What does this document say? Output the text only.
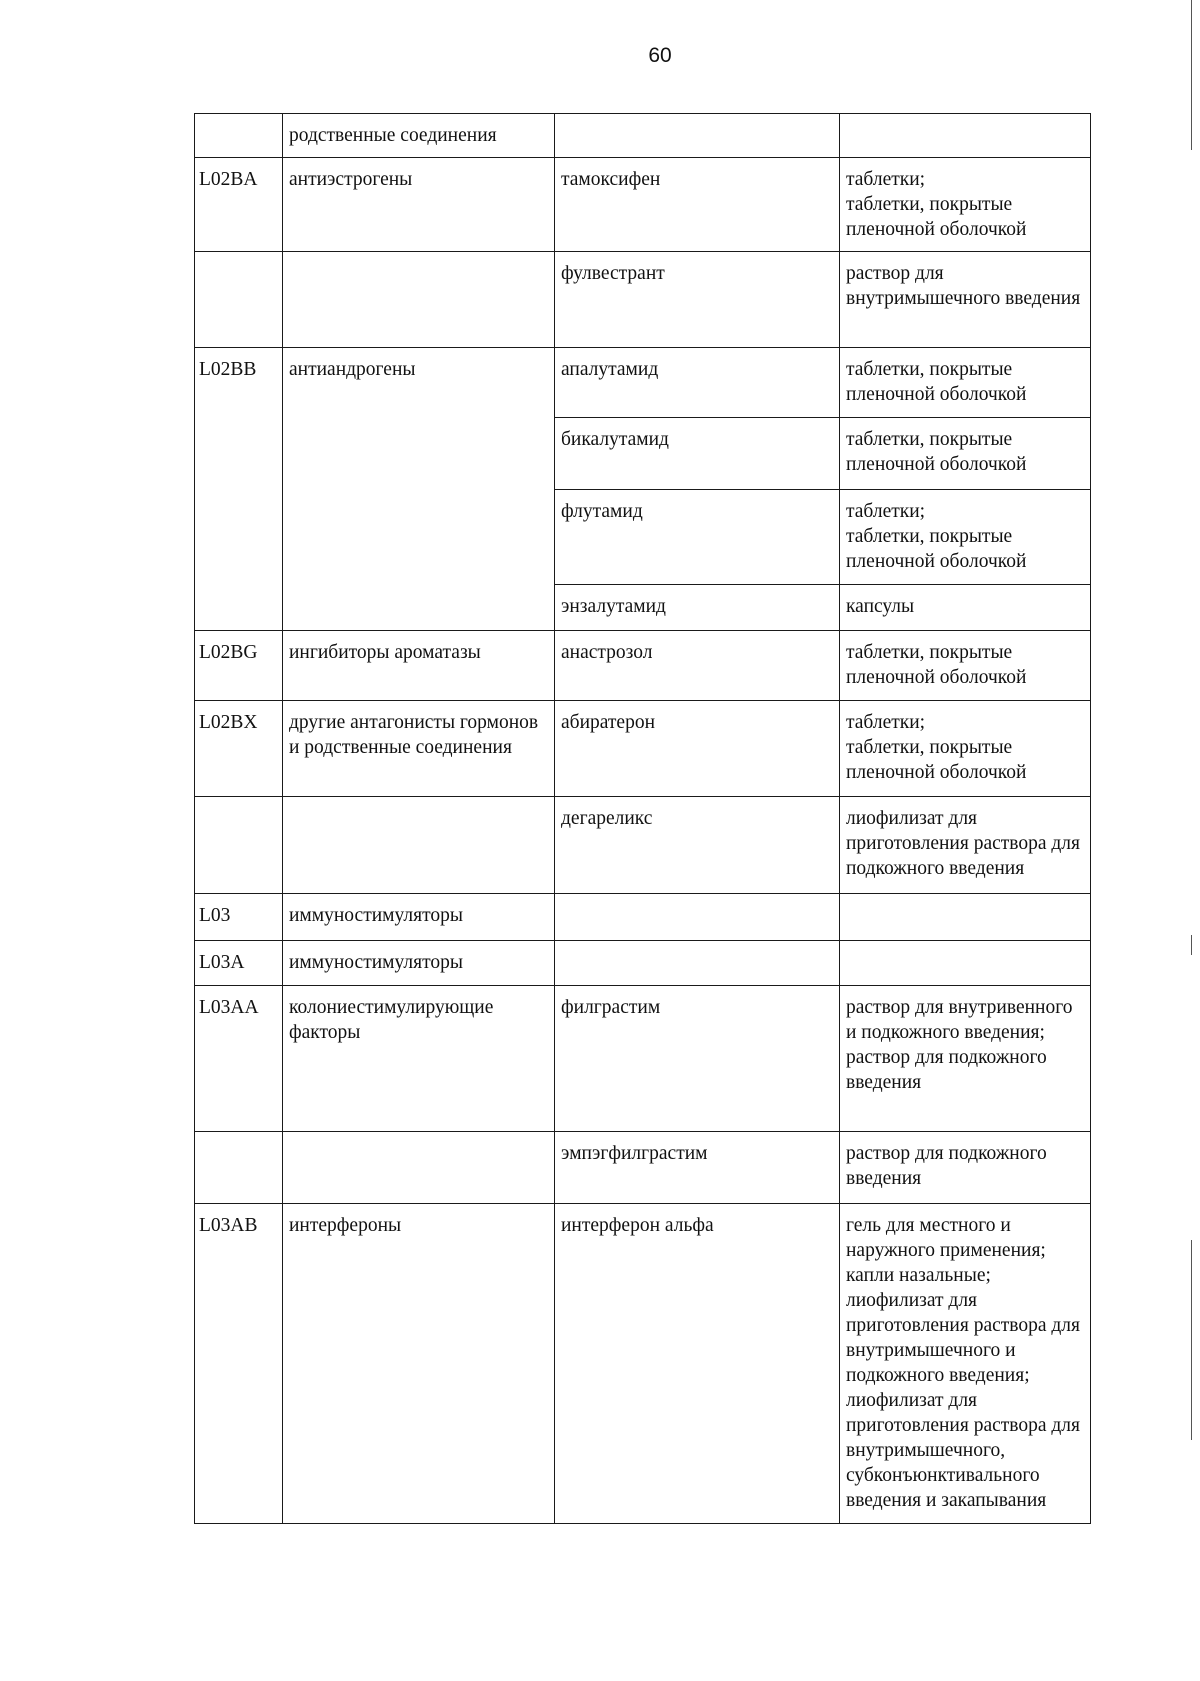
60
	родственные соединения		
L02BA	антиэстрогены	тамоксифен	таблетки;
таблетки, покрытые пленочной оболочкой
		фулвестрант	раствор для внутримышечного введения
L02BB	антиандрогены	апалутамид	таблетки, покрытые пленочной оболочкой
		бикалутамид	таблетки, покрытые пленочной оболочкой
		флутамид	таблетки;
таблетки, покрытые пленочной оболочкой
		энзалутамид	капсулы
L02BG	ингибиторы ароматазы	анастрозол	таблетки, покрытые пленочной оболочкой
L02BX	другие антагонисты гормонов и родственные соединения	абиратерон	таблетки;
таблетки, покрытые пленочной оболочкой
		дегареликс	лиофилизат для приготовления раствора для подкожного введения
L03	иммуностимуляторы		
L03A	иммуностимуляторы		
L03AA	колониестимулирующие факторы	филграстим	раствор для внутривенного и подкожного введения;
раствор для подкожного введения
		эмпэгфилграстим	раствор для подкожного введения
L03AB	интерфероны	интерферон альфа	гель для местного и наружного применения;
капли назальные;
лиофилизат для приготовления раствора для внутримышечного и подкожного введения;
лиофилизат для приготовления раствора для внутримышечного, субконъюнктивального введения и закапывания
